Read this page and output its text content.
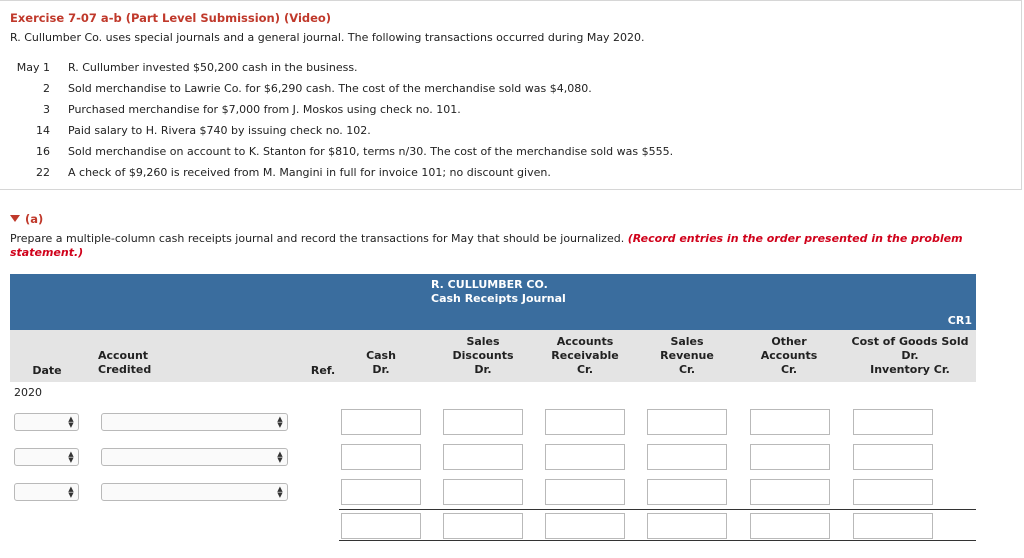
Exercise 7-07 a-b (Part Level Submission) (Video)
R. Cullumber Co. uses special journals and a general journal. The following transactions occurred during May 2020.
May 1 R. Cullumber invested $50,200 cash in the business.
2 Sold merchandise to Lawrie Co. for $6,290 cash. The cost of the merchandise sold was $4,080.
3 Purchased merchandise for $7,000 from J. Moskos using check no. 101.
14 Paid salary to H. Rivera $740 by issuing check no. 102.
16 Sold merchandise on account to K. Stanton for $810, terms n/30. The cost of the merchandise sold was $555.
22 A check of $9,260 is received from M. Mangini in full for invoice 101; no discount given.
(a)
Prepare a multiple-column cash receipts journal and record the transactions for May that should be journalized. (Record entries in the order presented in the problem statement.)
R. CULLUMBER CO.
Cash Receipts Journal
CR1
Date
Account
Credited	Ref.
Cash
Dr.
Sales
Discounts
Dr.
Accounts
Receivable
Cr.
Sales
Revenue
Cr.
Other
Accounts
Cr.
Cost of Goods Sold
Dr.
Inventory Cr.
2020
▲
▼
▲
▼
▲
▼
▲
▼
▲
▼
▲
▼
